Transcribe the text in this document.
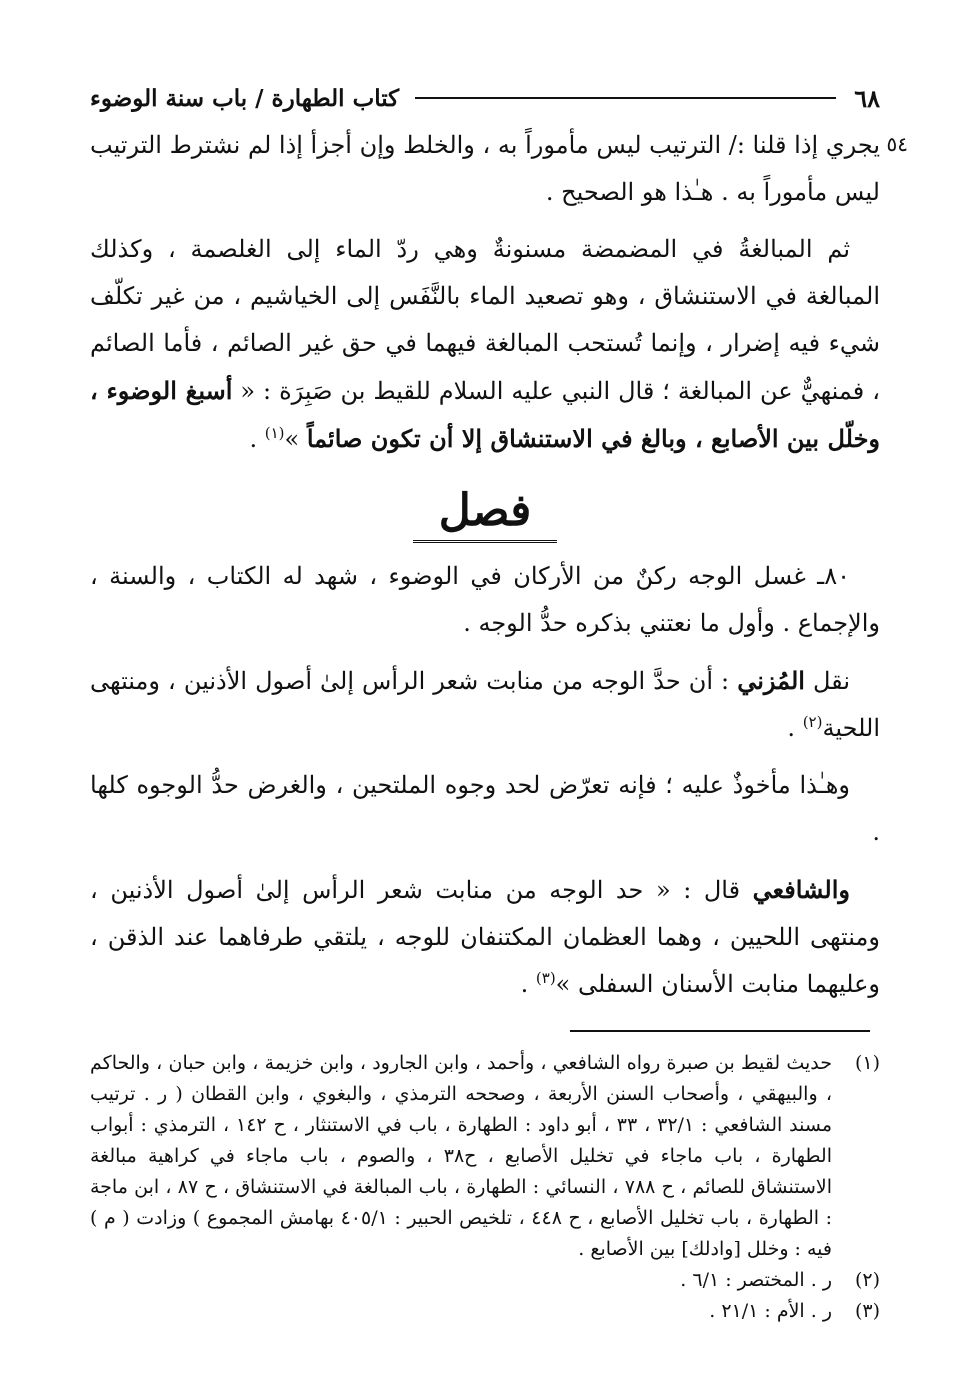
٦٨
كتاب الطهارة / باب سنة الوضوء
٥٤

يجري إذا قلنا :/ الترتيب ليس مأموراً به ، والخلط وإن أجزأ إذا لم نشترط الترتيب ليس مأموراً به . هـٰذا هو الصحيح .

ثم المبالغةُ في المضمضة مسنونةٌ وهي ردّ الماء إلى الغلصمة ، وكذلك المبالغة في الاستنشاق ، وهو تصعيد الماء بالنَّفَس إلى الخياشيم ، من غير تكلّف شيء فيه إضرار ، وإنما تُستحب المبالغة فيهما في حق غير الصائم ، فأما الصائم ، فمنهيٌّ عن المبالغة ؛ قال النبي عليه السلام للقيط بن صَبِرَة : « أسبغ الوضوء ، وخلّل بين الأصابع ، وبالغ في الاستنشاق إلا أن تكون صائماً »$^{(١)}$ .

فصل

٨٠ـ غسل الوجه ركنٌ من الأركان في الوضوء ، شهد له الكتاب ، والسنة ، والإجماع . وأول ما نعتني بذكره حدُّ الوجه .

نقل المُزني : أن حدَّ الوجه من منابت شعر الرأس إلىٰ أصول الأذنين ، ومنتهى اللحية$^{(٢)}$ .

وهـٰذا مأخوذٌ عليه ؛ فإنه تعرّض لحد وجوه الملتحين ، والغرض حدُّ الوجوه كلها .

والشافعي قال : « حد الوجه من منابت شعر الرأس إلىٰ أصول الأذنين ، ومنتهى اللحيين ، وهما العظمان المكتنفان للوجه ، يلتقي طرفاهما عند الذقن ، وعليهما منابت الأسنان السفلى »$^{(٣)}$ .

(١)
حديث لقيط بن صبرة رواه الشافعي ، وأحمد ، وابن الجارود ، وابن خزيمة ، وابن حبان ، والحاكم ، والبيهقي ، وأصحاب السنن الأربعة ، وصححه الترمذي ، والبغوي ، وابن القطان ( ر . ترتيب مسند الشافعي : ٣٢/١ ، ٣٣ ، أبو داود : الطهارة ، باب في الاستنثار ، ح ١٤٢ ، الترمذي : أبواب الطهارة ، باب ماجاء في تخليل الأصابع ، ح٣٨ ، والصوم ، باب ماجاء في كراهية مبالغة الاستنشاق للصائم ، ح ٧٨٨ ، النسائي : الطهارة ، باب المبالغة في الاستنشاق ، ح ٨٧ ، ابن ماجة : الطهارة ، باب تخليل الأصابع ، ح ٤٤٨ ، تلخيص الحبير : ٤٠٥/١ بهامش المجموع ) وزادت ( م ) فيه : وخلل [وادلك] بين الأصابع .
(٢)
ر . المختصر : ٦/١ .
(٣)
ر . الأم : ٢١/١ .
